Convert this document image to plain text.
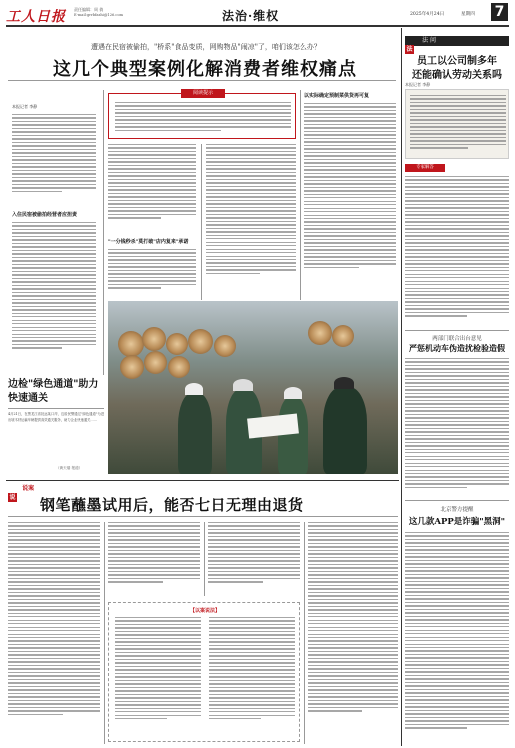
工人日报 责任编辑：周 倩
E-mail:grrbfazhi@126.com	法治·维权	2025年4月24日	星期四 7
遭遇在民宿被偷拍，"桥系"食品变质，网购物品"闹凉"了，咱们该怎么办？
这几个典型案例化解消费者维权痛点
阅读提示
本报记者 李静
入住民宿被偷拍经营者应担责
"一分钱秒杀"莫打破"店内复来"承诺
以实际确定预制菜供货再可复
边检"绿色通道"助力快速通关
4月21日，在黑龙江省抚远某口岸，边检民警通过"绿色通道"为进出境木材运输车辆提供高效通关服务，助力企业快速通关……
（黄天瑞 报道）
说 $^{说案}$
钢笔蘸墨试用后，能否七日无理由退货
【以案说法】
法 $^{法 问}$
员工以公司制多年
还能确认劳动关系吗
本报记者 李静
专家解答
两部门联合出台意见
严惩机动车伪造扰检验造假
北京警方提醒
这几款APP是诈骗"黑洞"
